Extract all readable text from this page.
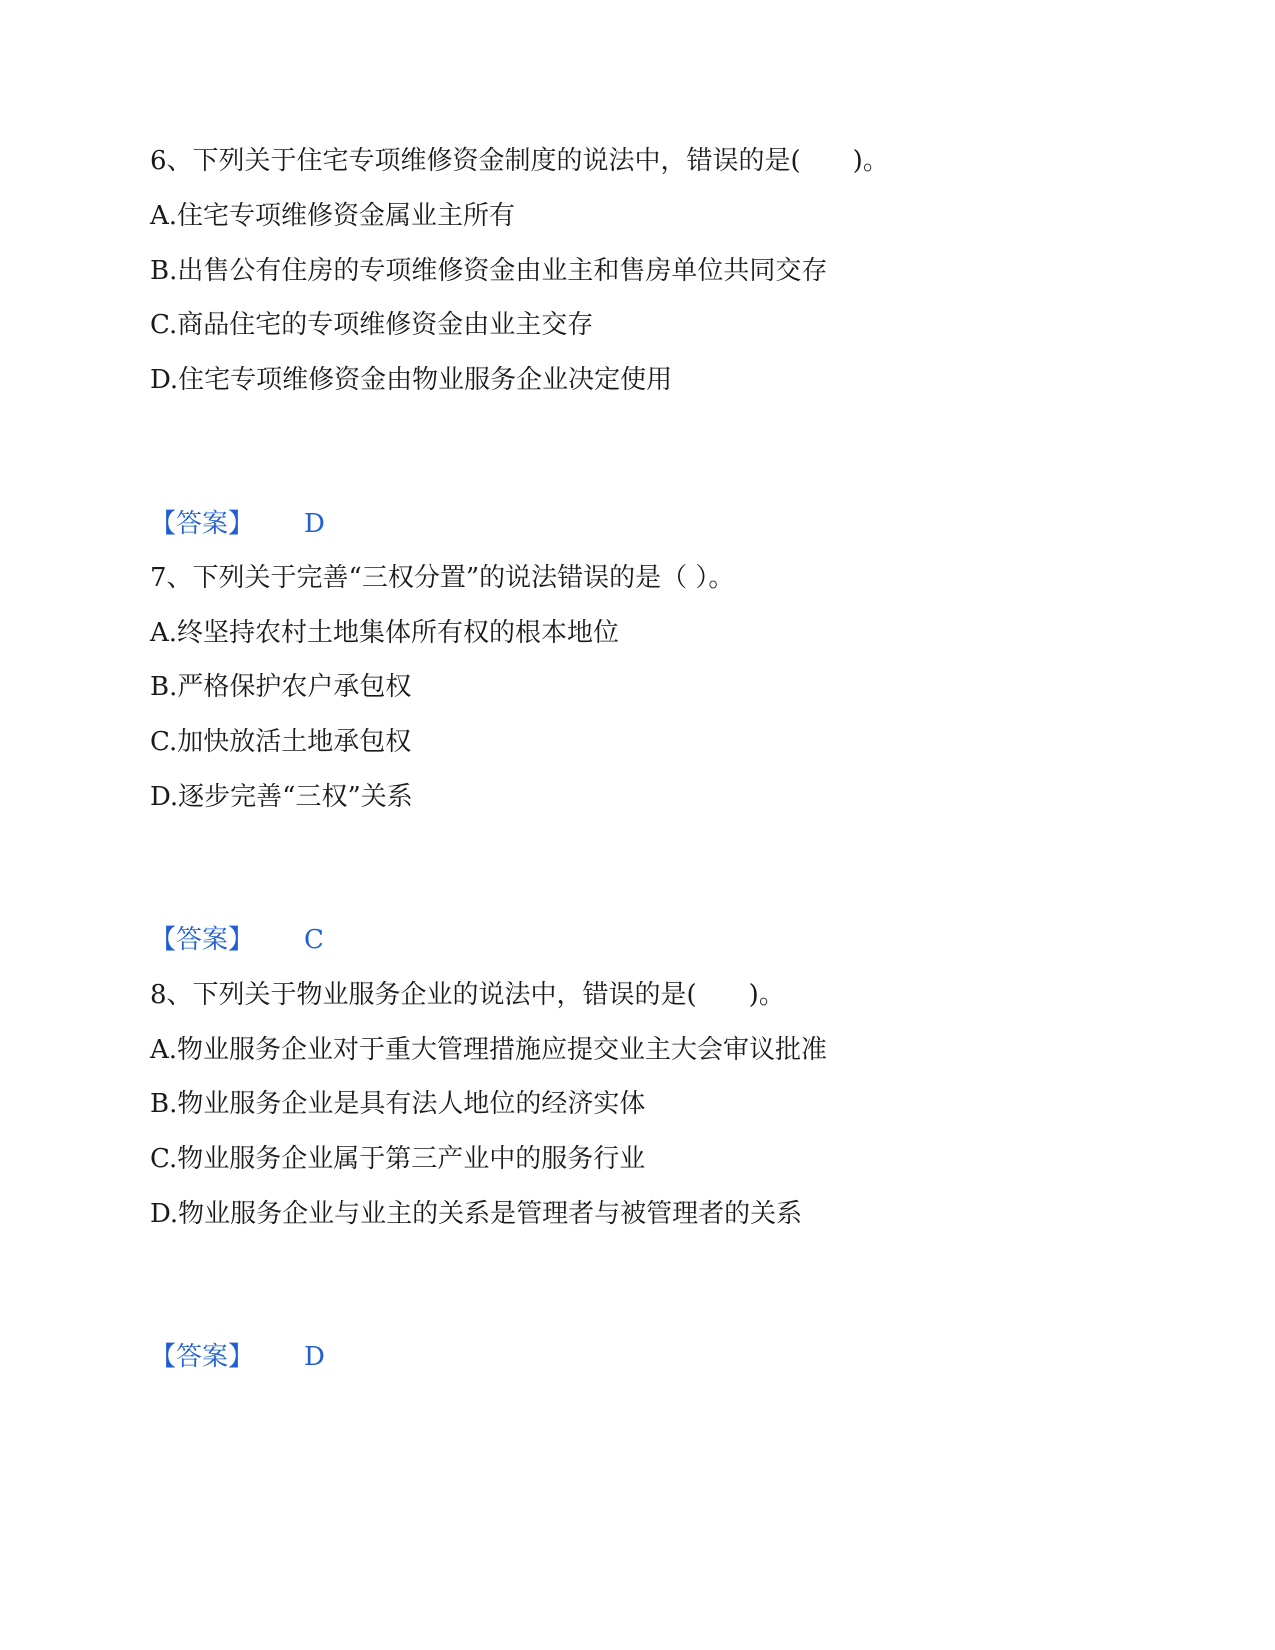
6、下列关于住宅专项维修资金制度的说法中，错误的是(　　)。
A.住宅专项维修资金属业主所有
B.出售公有住房的专项维修资金由业主和售房单位共同交存
C.商品住宅的专项维修资金由业主交存
D.住宅专项维修资金由物业服务企业决定使用
【答案】 D
7、下列关于完善“三权分置”的说法错误的是（ ）。
A.终坚持农村土地集体所有权的根本地位
B.严格保护农户承包权
C.加快放活土地承包权
D.逐步完善“三权”关系
【答案】 C
8、下列关于物业服务企业的说法中，错误的是(　　)。
A.物业服务企业对于重大管理措施应提交业主大会审议批准
B.物业服务企业是具有法人地位的经济实体
C.物业服务企业属于第三产业中的服务行业
D.物业服务企业与业主的关系是管理者与被管理者的关系
【答案】 D
